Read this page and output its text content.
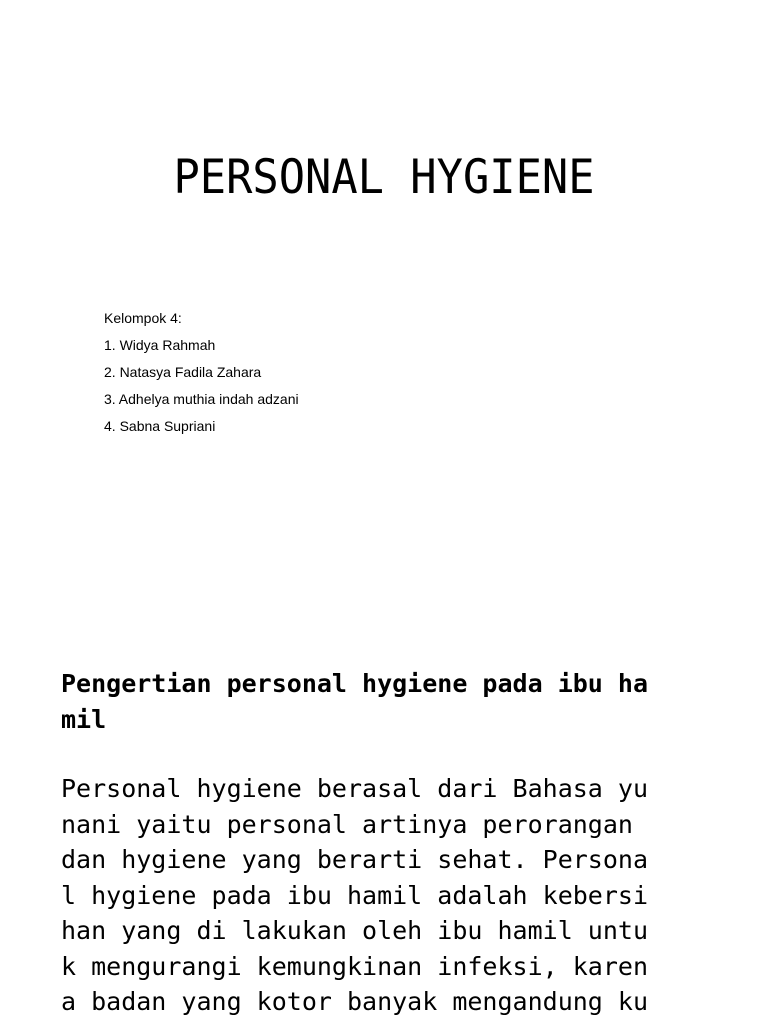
PERSONAL HYGIENE
Kelompok 4:
1. Widya Rahmah
2. Natasya Fadila Zahara
3. Adhelya muthia indah adzani
4. Sabna Supriani
Pengertian personal hygiene pada ibu ha
mil
Personal hygiene berasal dari Bahasa yu
nani yaitu personal artinya perorangan
dan hygiene yang berarti sehat. Persona
l hygiene pada ibu hamil adalah kebersi
han yang di lakukan oleh ibu hamil untu
k mengurangi kemungkinan infeksi, karen
a badan yang kotor banyak mengandung ku
